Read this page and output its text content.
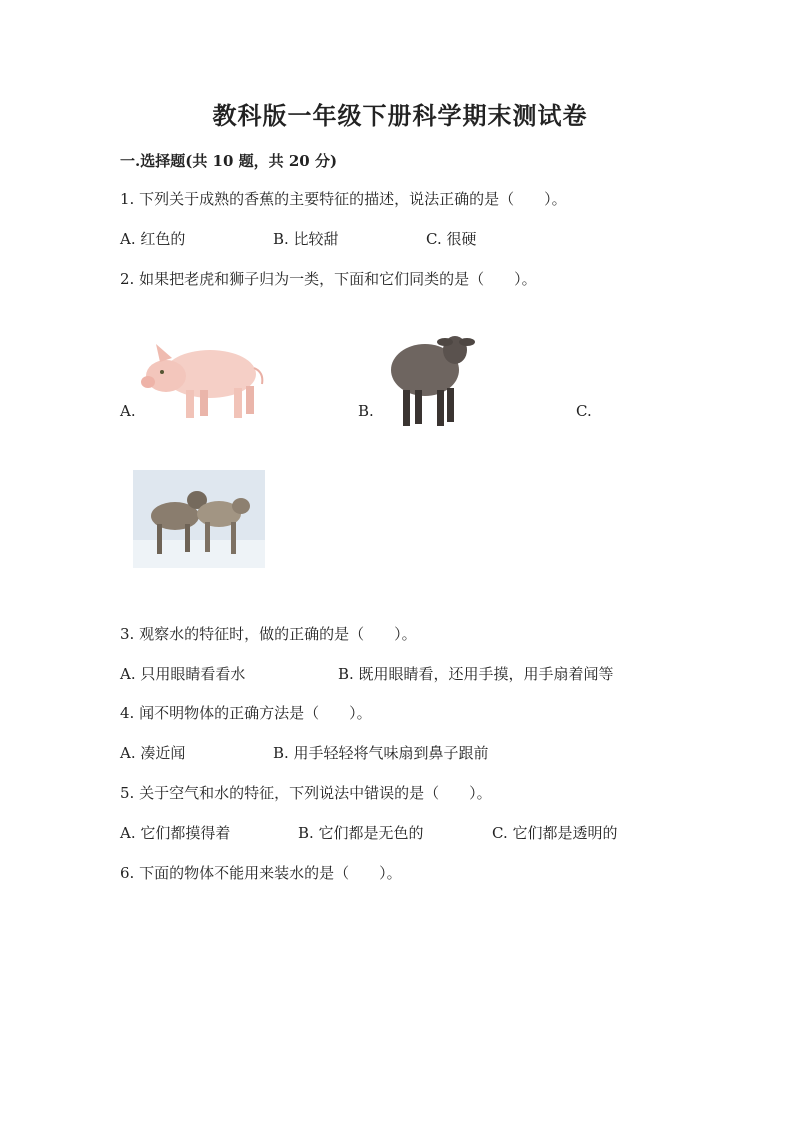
教科版一年级下册科学期末测试卷
一.选择题(共 10 题，共 20 分)
1. 下列关于成熟的香蕉的主要特征的描述，说法正确的是（　　）。
A. 红色的	B. 比较甜	C. 很硬
2. 如果把老虎和狮子归为一类，下面和它们同类的是（　　）。
A.	B.	C.
3. 观察水的特征时，做的正确的是（　　）。
A. 只用眼睛看看水	B. 既用眼睛看，还用手摸，用手扇着闻等
4. 闻不明物体的正确方法是（　　）。
A. 凑近闻	B. 用手轻轻将气味扇到鼻子跟前
5. 关于空气和水的特征，下列说法中错误的是（　　）。
A. 它们都摸得着	B. 它们都是无色的	C. 它们都是透明的
6. 下面的物体不能用来装水的是（　　）。
